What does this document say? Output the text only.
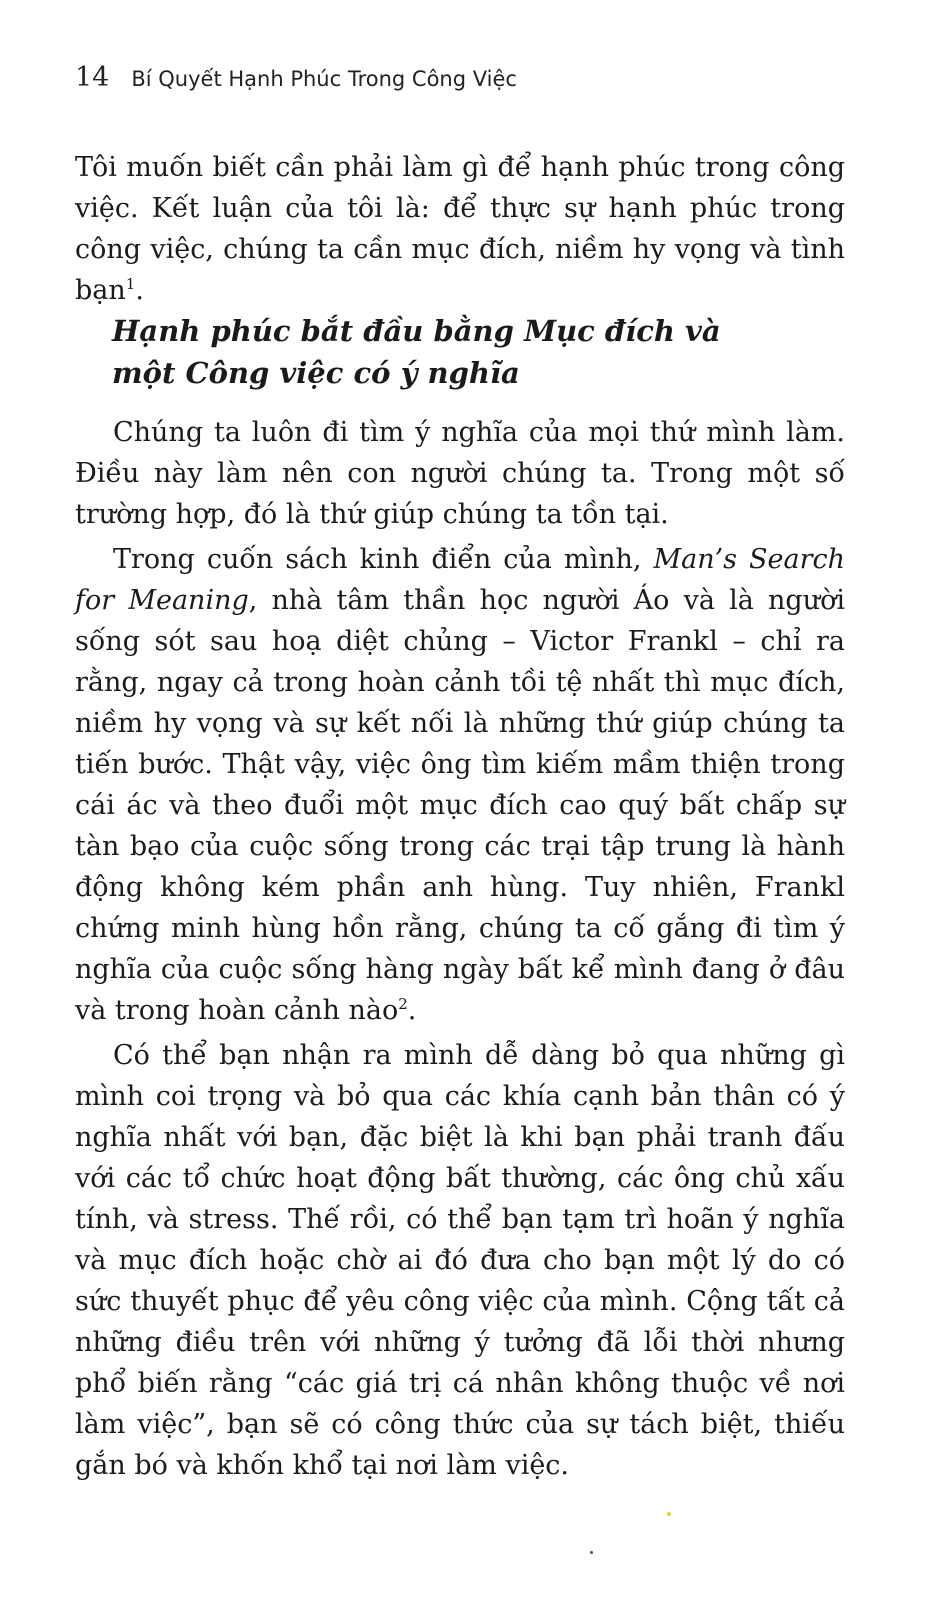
14 Bí Quyết Hạnh Phúc Trong Công Việc

Tôi muốn biết cần phải làm gì để hạnh phúc trong công việc. Kết luận của tôi là: để thực sự hạnh phúc trong công việc, chúng ta cần mục đích, niềm hy vọng và tình bạn$^1$.

Hạnh phúc bắt đầu bằng Mục đích và
một Công việc có ý nghĩa

Chúng ta luôn đi tìm ý nghĩa của mọi thứ mình làm. Điều này làm nên con người chúng ta. Trong một số trường hợp, đó là thứ giúp chúng ta tồn tại.

Trong cuốn sách kinh điển của mình, Man’s Search for Meaning, nhà tâm thần học người Áo và là người sống sót sau hoạ diệt chủng – Victor Frankl – chỉ ra rằng, ngay cả trong hoàn cảnh tồi tệ nhất thì mục đích, niềm hy vọng và sự kết nối là những thứ giúp chúng ta tiến bước. Thật vậy, việc ông tìm kiếm mầm thiện trong cái ác và theo đuổi một mục đích cao quý bất chấp sự tàn bạo của cuộc sống trong các trại tập trung là hành động không kém phần anh hùng. Tuy nhiên, Frankl chứng minh hùng hồn rằng, chúng ta cố gắng đi tìm ý nghĩa của cuộc sống hàng ngày bất kể mình đang ở đâu và trong hoàn cảnh nào$^2$.

Có thể bạn nhận ra mình dễ dàng bỏ qua những gì mình coi trọng và bỏ qua các khía cạnh bản thân có ý nghĩa nhất với bạn, đặc biệt là khi bạn phải tranh đấu với các tổ chức hoạt động bất thường, các ông chủ xấu tính, và stress. Thế rồi, có thể bạn tạm trì hoãn ý nghĩa và mục đích hoặc chờ ai đó đưa cho bạn một lý do có sức thuyết phục để yêu công việc của mình. Cộng tất cả những điều trên với những ý tưởng đã lỗi thời nhưng phổ biến rằng “các giá trị cá nhân không thuộc về nơi làm việc”, bạn sẽ có công thức của sự tách biệt, thiếu gắn bó và khốn khổ tại nơi làm việc.
